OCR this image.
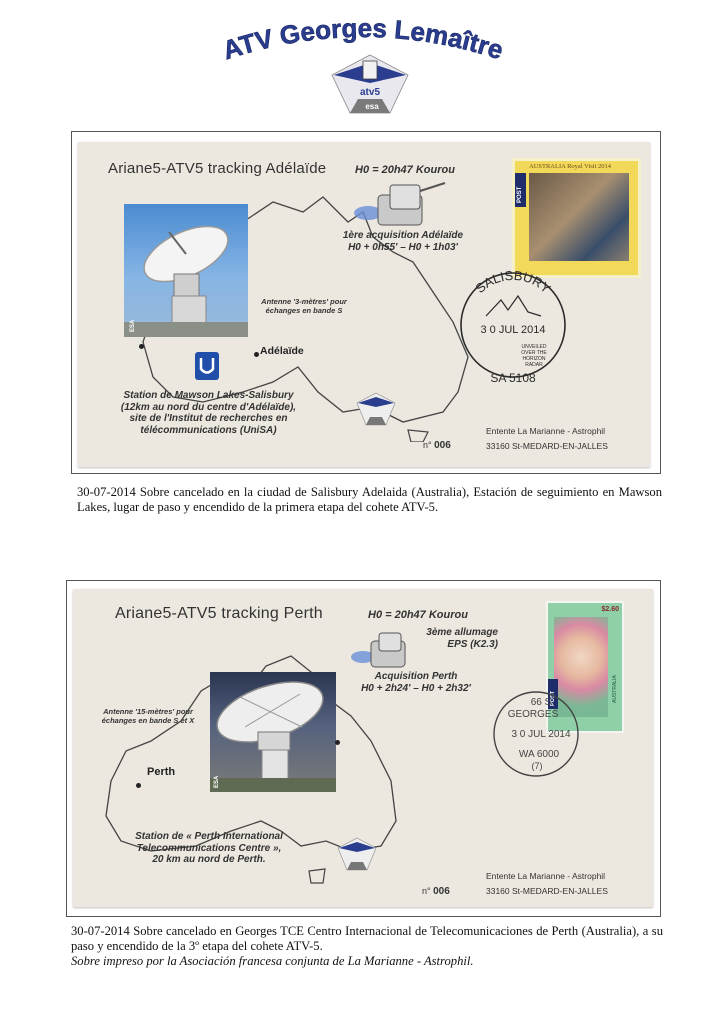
ATV Georges Lemaître
atv5
esa
Ariane5-ATV5 tracking Adélaïde	H0 = 20h47 Kourou
1ère acquisition Adélaïde
H0 + 0h55' – H0 + 1h03'
ESA
Antenne '3-mètres' pour
échanges en bande S
Adélaïde
Station de Mawson Lakes-Salisbury
(12km au nord du centre d'Adélaïde),
site de l'Institut de recherches en
télécommunications (UniSA)
n° 006
Entente La Marianne - Astrophil
33160 St-MEDARD-EN-JALLES
AUSTRALIA Royal Visit 2014
POST
SALISBURY
3 0 JUL 2014
UNVEILED
OVER THE
HORIZON
RADAR
SA 5108
30-07-2014 Sobre cancelado en la ciudad de Salisbury Adelaida (Australia), Estación de seguimiento en Mawson Lakes, lugar de paso y encendido de la primera etapa del cohete ATV-5.
Ariane5-ATV5 tracking Perth	H0 = 20h47 Kourou
3ème allumage
EPS (K2.3)
Acquisition Perth
H0 + 2h24' – H0 + 2h32'
ESA
Antenne '15-mètres' pour
échanges en bande S et X
Perth
Station de « Perth International
Telecommunications Centre »,
20 km au nord de Perth.
n° 006
Entente La Marianne - Astrophil
33160 St-MEDARD-EN-JALLES
$2.60
POST	AUSTRALIA
66 S
GEORGES
3 0 JUL 2014
WA 6000
(7)
30-07-2014 Sobre cancelado en Georges TCE Centro Internacional de Telecomunicaciones de Perth (Australia), a su paso y encendido de la 3º etapa del cohete ATV-5.
Sobre impreso por la Asociación francesa conjunta de La Marianne - Astrophil.
